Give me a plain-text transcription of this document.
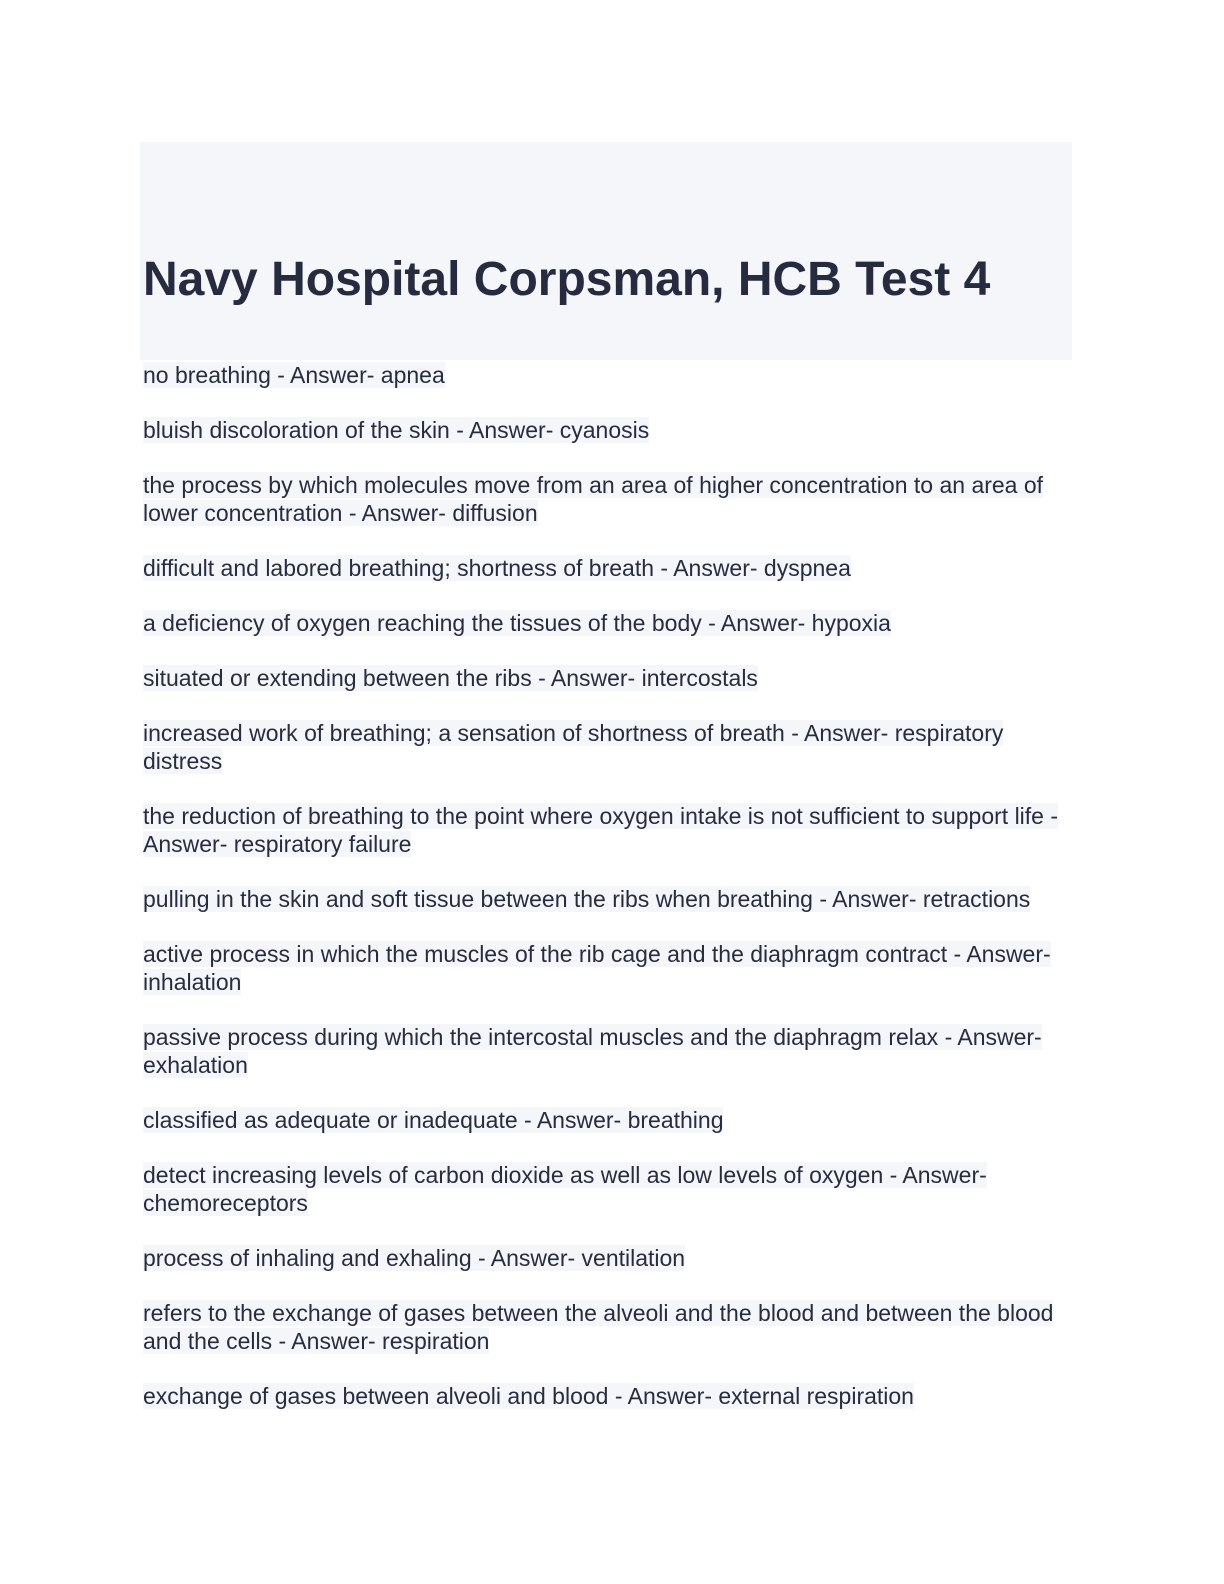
Navy Hospital Corpsman, HCB Test 4

no breathing - Answer- apnea

bluish discoloration of the skin - Answer- cyanosis

the process by which molecules move from an area of higher concentration to an area of lower concentration - Answer- diffusion

difficult and labored breathing; shortness of breath - Answer- dyspnea

a deficiency of oxygen reaching the tissues of the body - Answer- hypoxia

situated or extending between the ribs - Answer- intercostals

increased work of breathing; a sensation of shortness of breath - Answer- respiratory distress

the reduction of breathing to the point where oxygen intake is not sufficient to support life - Answer- respiratory failure

pulling in the skin and soft tissue between the ribs when breathing - Answer- retractions

active process in which the muscles of the rib cage and the diaphragm contract - Answer- inhalation

passive process during which the intercostal muscles and the diaphragm relax - Answer- exhalation

classified as adequate or inadequate - Answer- breathing

detect increasing levels of carbon dioxide as well as low levels of oxygen - Answer- chemoreceptors

process of inhaling and exhaling - Answer- ventilation

refers to the exchange of gases between the alveoli and the blood and between the blood and the cells - Answer- respiration

exchange of gases between alveoli and blood - Answer- external respiration
